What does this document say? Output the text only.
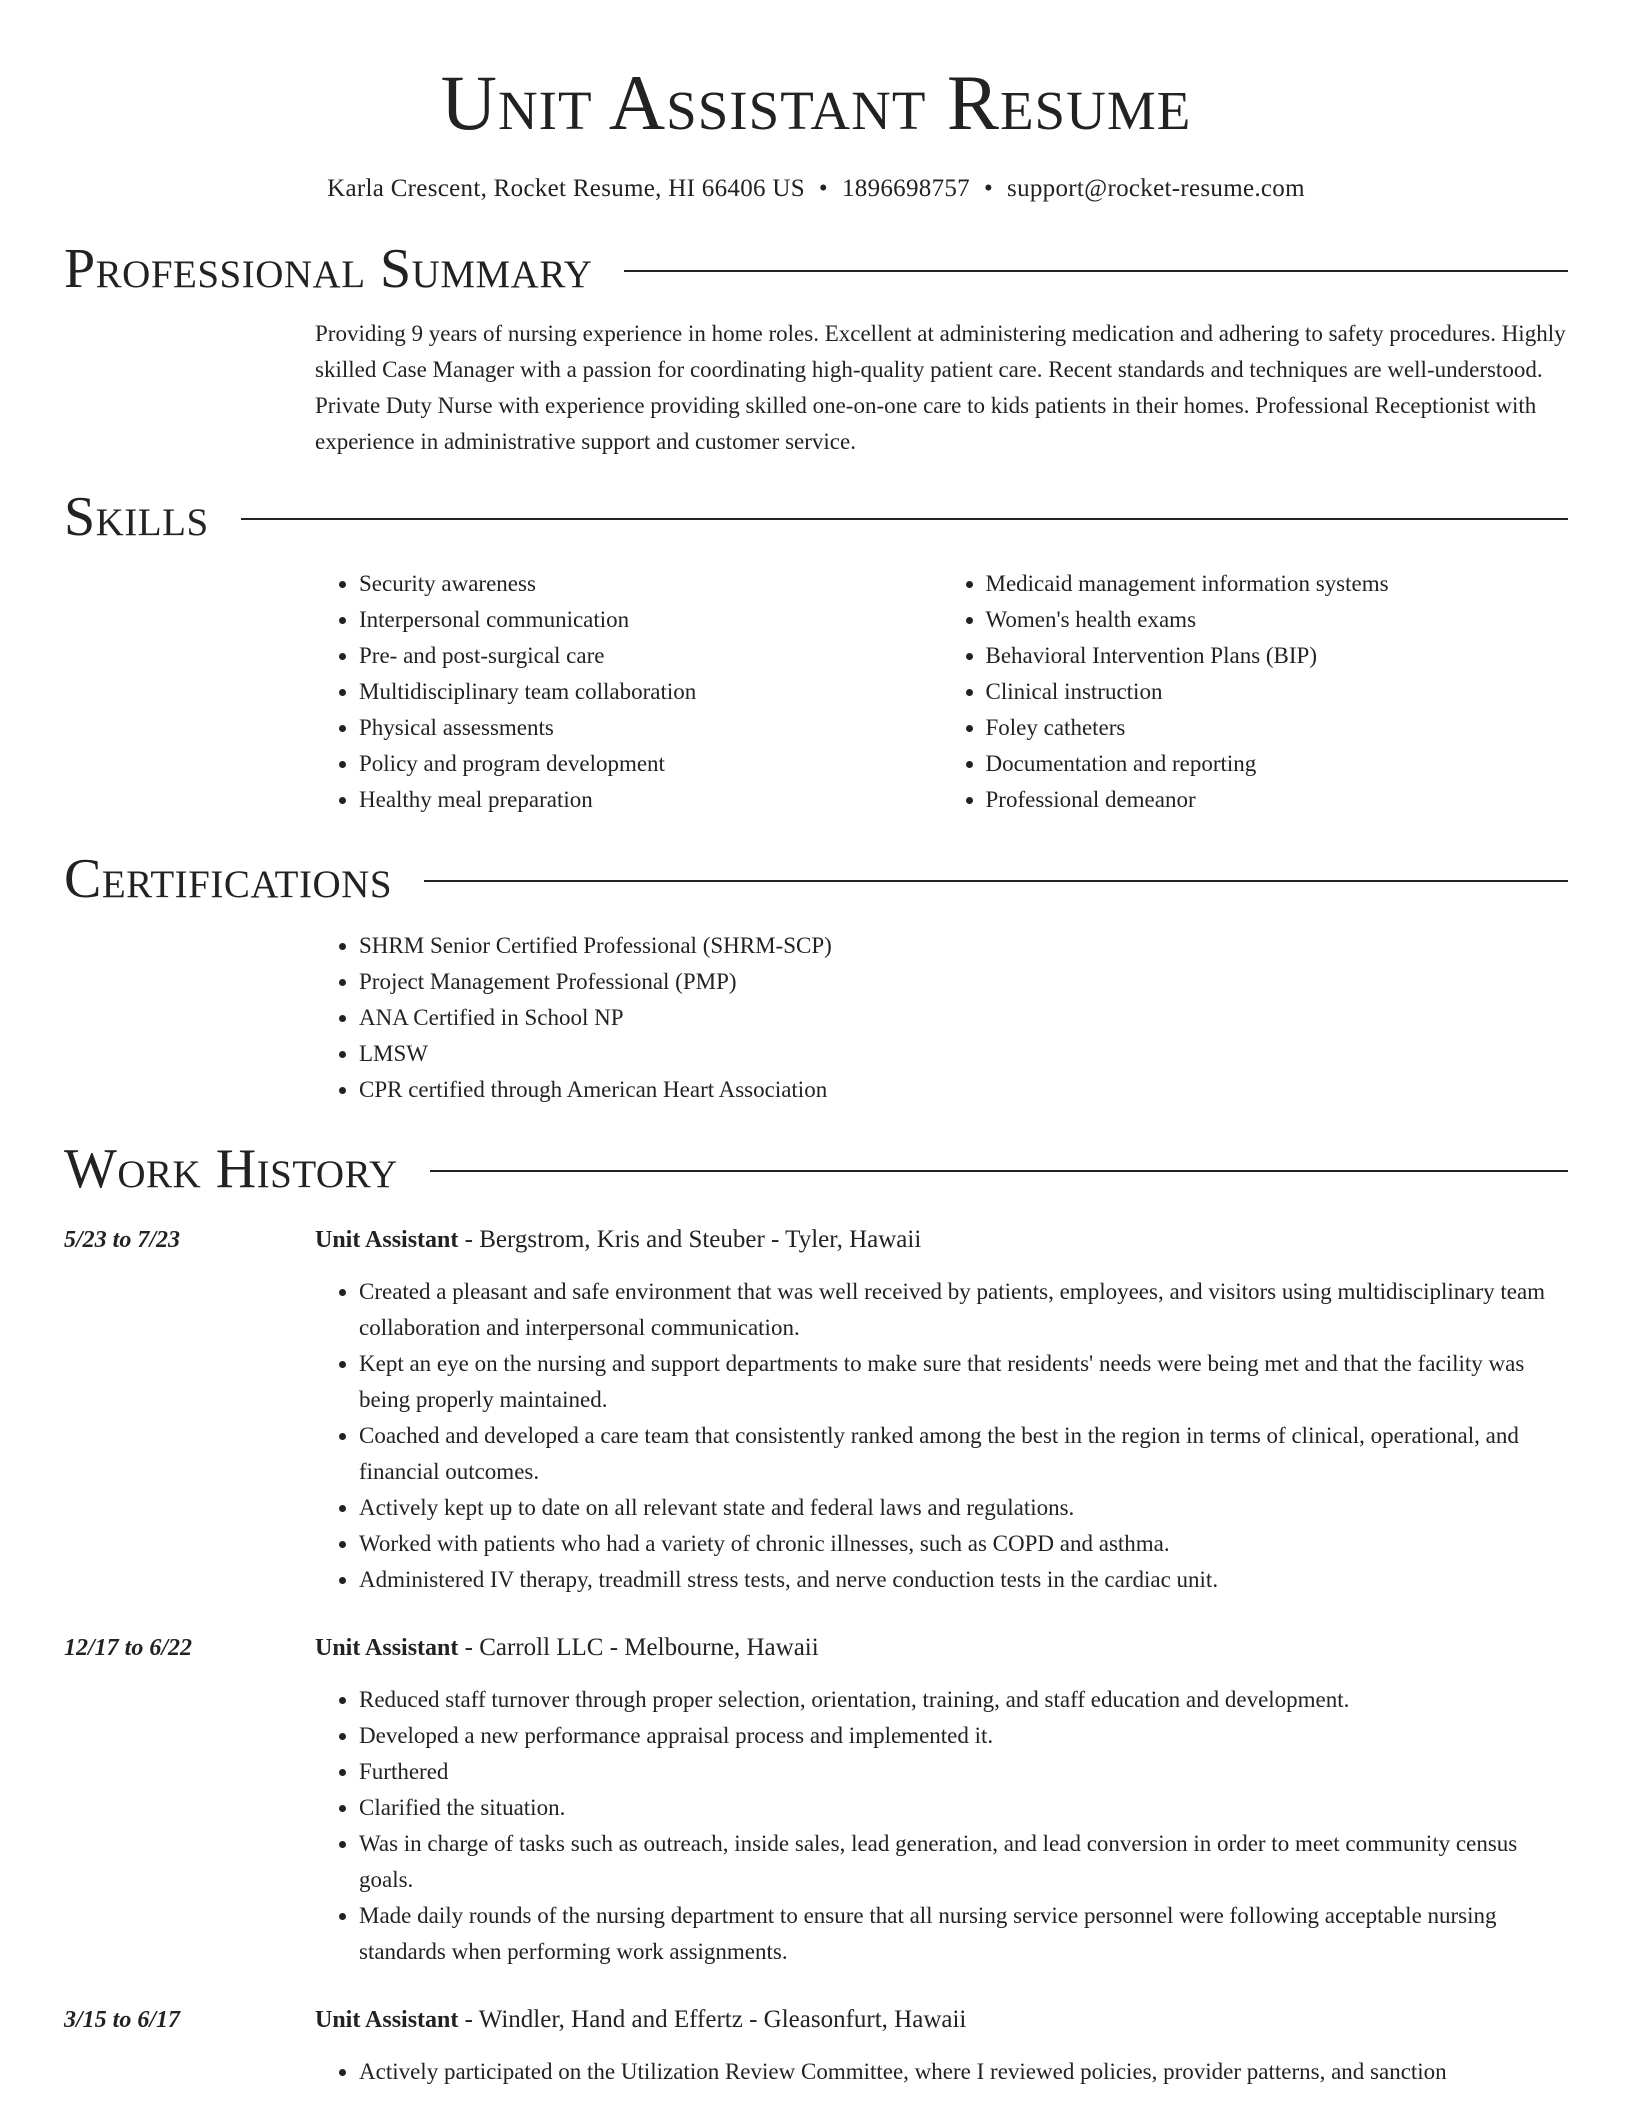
Unit Assistant Resume
Karla Crescent, Rocket Resume, HI 66406 US • 1896698757 • support@rocket-resume.com
Professional Summary

Providing 9 years of nursing experience in home roles. Excellent at administering medication and adhering to safety procedures. Highly skilled Case Manager with a passion for coordinating high-quality patient care. Recent standards and techniques are well-understood. Private Duty Nurse with experience providing skilled one-on-one care to kids patients in their homes. Professional Receptionist with experience in administrative support and customer service.

Skills
• Security awareness
• Interpersonal communication
• Pre- and post-surgical care
• Multidisciplinary team collaboration
• Physical assessments
• Policy and program development
• Healthy meal preparation
• Medicaid management information systems
• Women's health exams
• Behavioral Intervention Plans (BIP)
• Clinical instruction
• Foley catheters
• Documentation and reporting
• Professional demeanor
Certifications
• SHRM Senior Certified Professional (SHRM-SCP)
• Project Management Professional (PMP)
• ANA Certified in School NP
• LMSW
• CPR certified through American Heart Association
Work History
5/23 to 7/23	Unit Assistant - Bergstrom, Kris and Steuber - Tyler, Hawaii
• Created a pleasant and safe environment that was well received by patients, employees, and visitors using multidisciplinary team collaboration and interpersonal communication.
• Kept an eye on the nursing and support departments to make sure that residents' needs were being met and that the facility was being properly maintained.
• Coached and developed a care team that consistently ranked among the best in the region in terms of clinical, operational, and financial outcomes.
• Actively kept up to date on all relevant state and federal laws and regulations.
• Worked with patients who had a variety of chronic illnesses, such as COPD and asthma.
• Administered IV therapy, treadmill stress tests, and nerve conduction tests in the cardiac unit.
12/17 to 6/22	Unit Assistant - Carroll LLC - Melbourne, Hawaii
• Reduced staff turnover through proper selection, orientation, training, and staff education and development.
• Developed a new performance appraisal process and implemented it.
• Furthered
• Clarified the situation.
• Was in charge of tasks such as outreach, inside sales, lead generation, and lead conversion in order to meet community census goals.
• Made daily rounds of the nursing department to ensure that all nursing service personnel were following acceptable nursing standards when performing work assignments.
3/15 to 6/17	Unit Assistant - Windler, Hand and Effertz - Gleasonfurt, Hawaii
• Actively participated on the Utilization Review Committee, where I reviewed policies, provider patterns, and sanction
